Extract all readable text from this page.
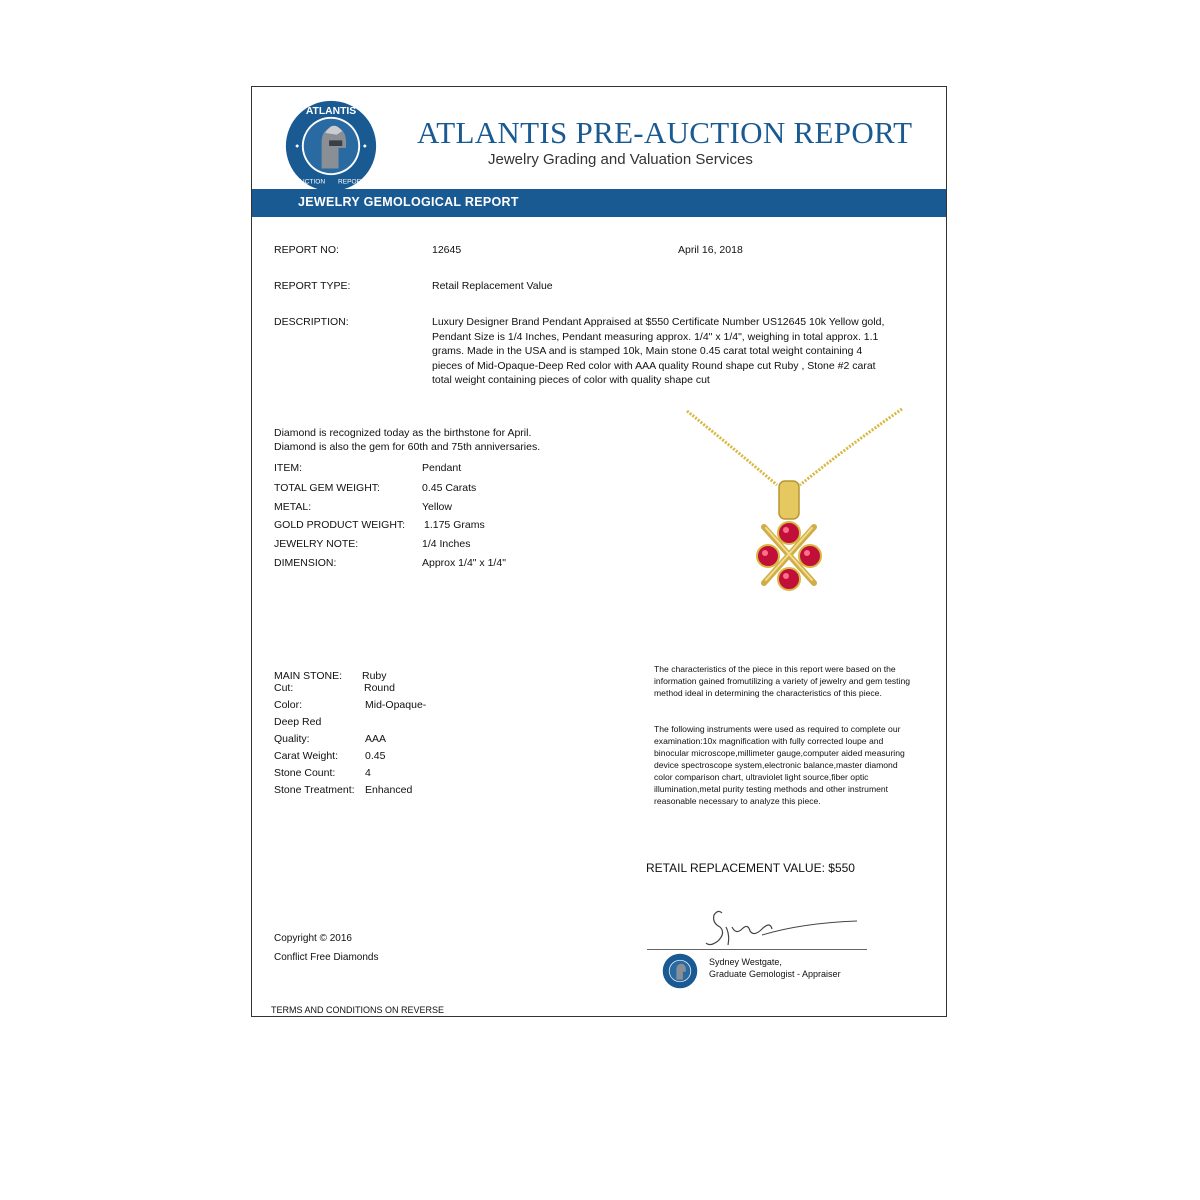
ATLANTIS
AUCTION REPORT
ATLANTIS PRE-AUCTION REPORT
Jewelry Grading and Valuation Services
JEWELRY GEMOLOGICAL REPORT
REPORT NO:	12645	April 16, 2018
REPORT TYPE:	Retail Replacement Value
DESCRIPTION:	Luxury Designer Brand Pendant Appraised at $550 Certificate Number US12645 10k Yellow gold, Pendant Size is 1/4 Inches, Pendant measuring approx. 1/4" x 1/4", weighing in total approx. 1.1 grams. Made in the USA and is stamped 10k, Main stone 0.45 carat total weight containing 4 pieces of Mid-Opaque-Deep Red color with AAA quality Round shape cut Ruby , Stone #2 carat total weight containing pieces of color with quality shape cut
Diamond is recognized today as the birthstone for April.
Diamond is also the gem for 60th and 75th anniversaries.
ITEM:	Pendant
TOTAL GEM WEIGHT:	0.45 Carats
METAL:	Yellow
GOLD PRODUCT WEIGHT: 1.175 Grams
JEWELRY NOTE:	1/4 Inches
DIMENSION:	Approx 1/4" x 1/4"
MAIN STONE: Ruby
Cut:	Round
Color:	Mid-Opaque-
Deep Red
Quality:	AAA
Carat Weight:	0.45
Stone Count:	4
Stone Treatment: Enhanced
The characteristics of the piece in this report were based on the information gained fromutilizing a variety of jewelry and gem testing method ideal in determining the characteristics of this piece.
The following instruments were used as required to complete our examination:10x magnification with fully corrected loupe and binocular microscope,millimeter gauge,computer aided measuring device spectroscope system,electronic balance,master diamond color comparison chart, ultraviolet light source,fiber optic illumination,metal purity testing methods and other instrument reasonable necessary to analyze this piece.
RETAIL REPLACEMENT VALUE: $550
Copyright © 2016
Conflict Free Diamonds	Sydney Westgate,
Graduate Gemologist - Appraiser
TERMS AND CONDITIONS ON REVERSE
